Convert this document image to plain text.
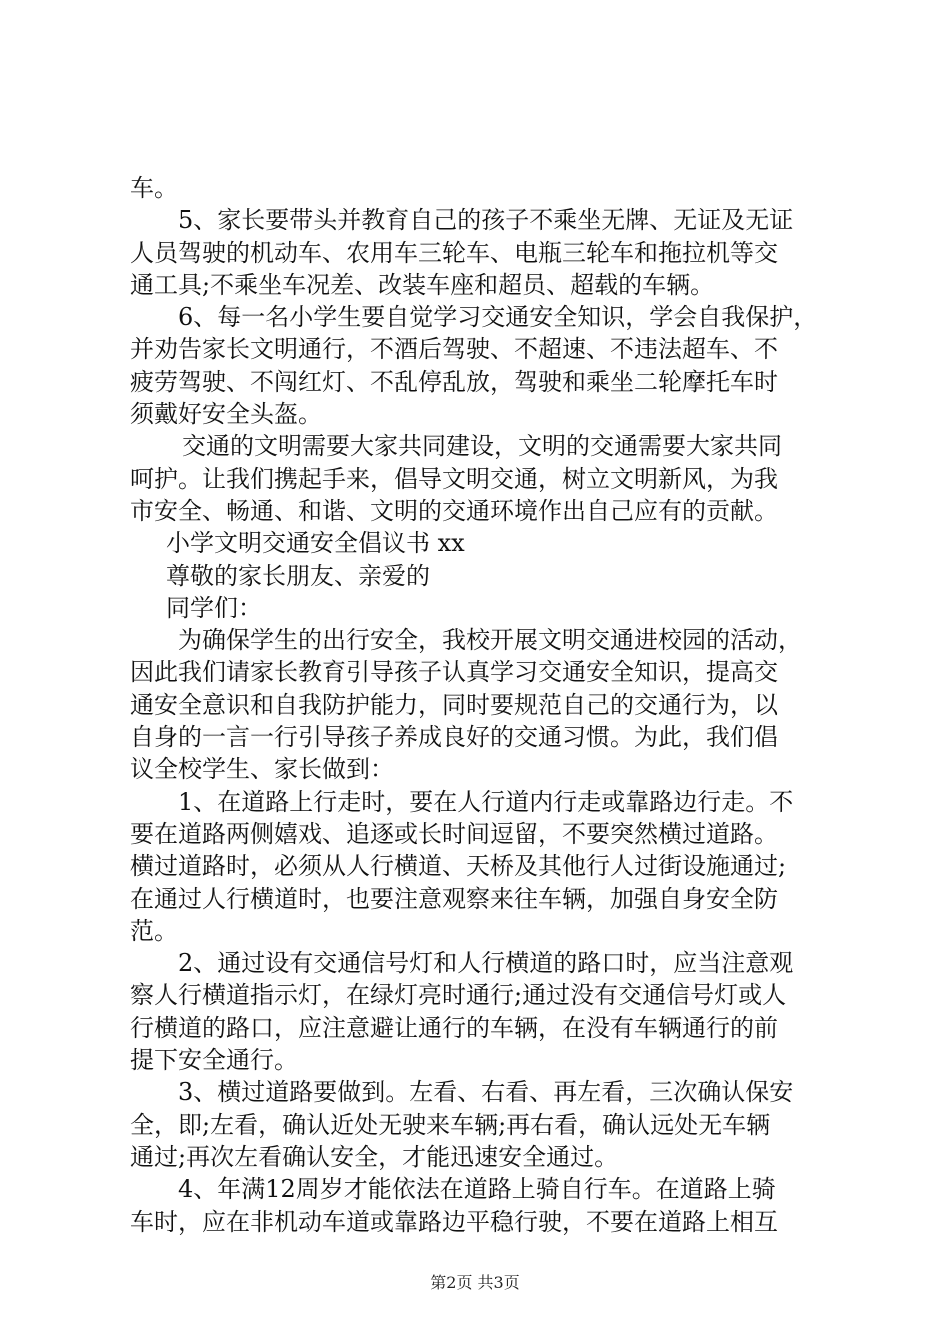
车。

5、家长要带头并教育自己的孩子不乘坐无牌、无证及无证

人员驾驶的机动车、农用车三轮车、电瓶三轮车和拖拉机等交

通工具;不乘坐车况差、改装车座和超员、超载的车辆。

6、每一名小学生要自觉学习交通安全知识，学会自我保护，

并劝告家长文明通行，不酒后驾驶、不超速、不违法超车、不

疲劳驾驶、不闯红灯、不乱停乱放，驾驶和乘坐二轮摩托车时

须戴好安全头盔。

交通的文明需要大家共同建设，文明的交通需要大家共同

呵护。让我们携起手来，倡导文明交通，树立文明新风，为我

市安全、畅通、和谐、文明的交通环境作出自己应有的贡献。

小学文明交通安全倡议书 xx

尊敬的家长朋友、亲爱的

同学们：

为确保学生的出行安全，我校开展文明交通进校园的活动，

因此我们请家长教育引导孩子认真学习交通安全知识，提高交

通安全意识和自我防护能力，同时要规范自己的交通行为，以

自身的一言一行引导孩子养成良好的交通习惯。为此，我们倡

议全校学生、家长做到：

1、在道路上行走时，要在人行道内行走或靠路边行走。不

要在道路两侧嬉戏、追逐或长时间逗留，不要突然横过道路。

横过道路时，必须从人行横道、天桥及其他行人过街设施通过;

在通过人行横道时，也要注意观察来往车辆，加强自身安全防

范。

2、通过设有交通信号灯和人行横道的路口时，应当注意观

察人行横道指示灯，在绿灯亮时通行;通过没有交通信号灯或人

行横道的路口，应注意避让通行的车辆，在没有车辆通行的前

提下安全通行。

3、横过道路要做到。左看、右看、再左看，三次确认保安

全，即;左看，确认近处无驶来车辆;再右看，确认远处无车辆

通过;再次左看确认安全，才能迅速安全通过。

4、年满12周岁才能依法在道路上骑自行车。在道路上骑

车时，应在非机动车道或靠路边平稳行驶，不要在道路上相互

第2页 共3页
